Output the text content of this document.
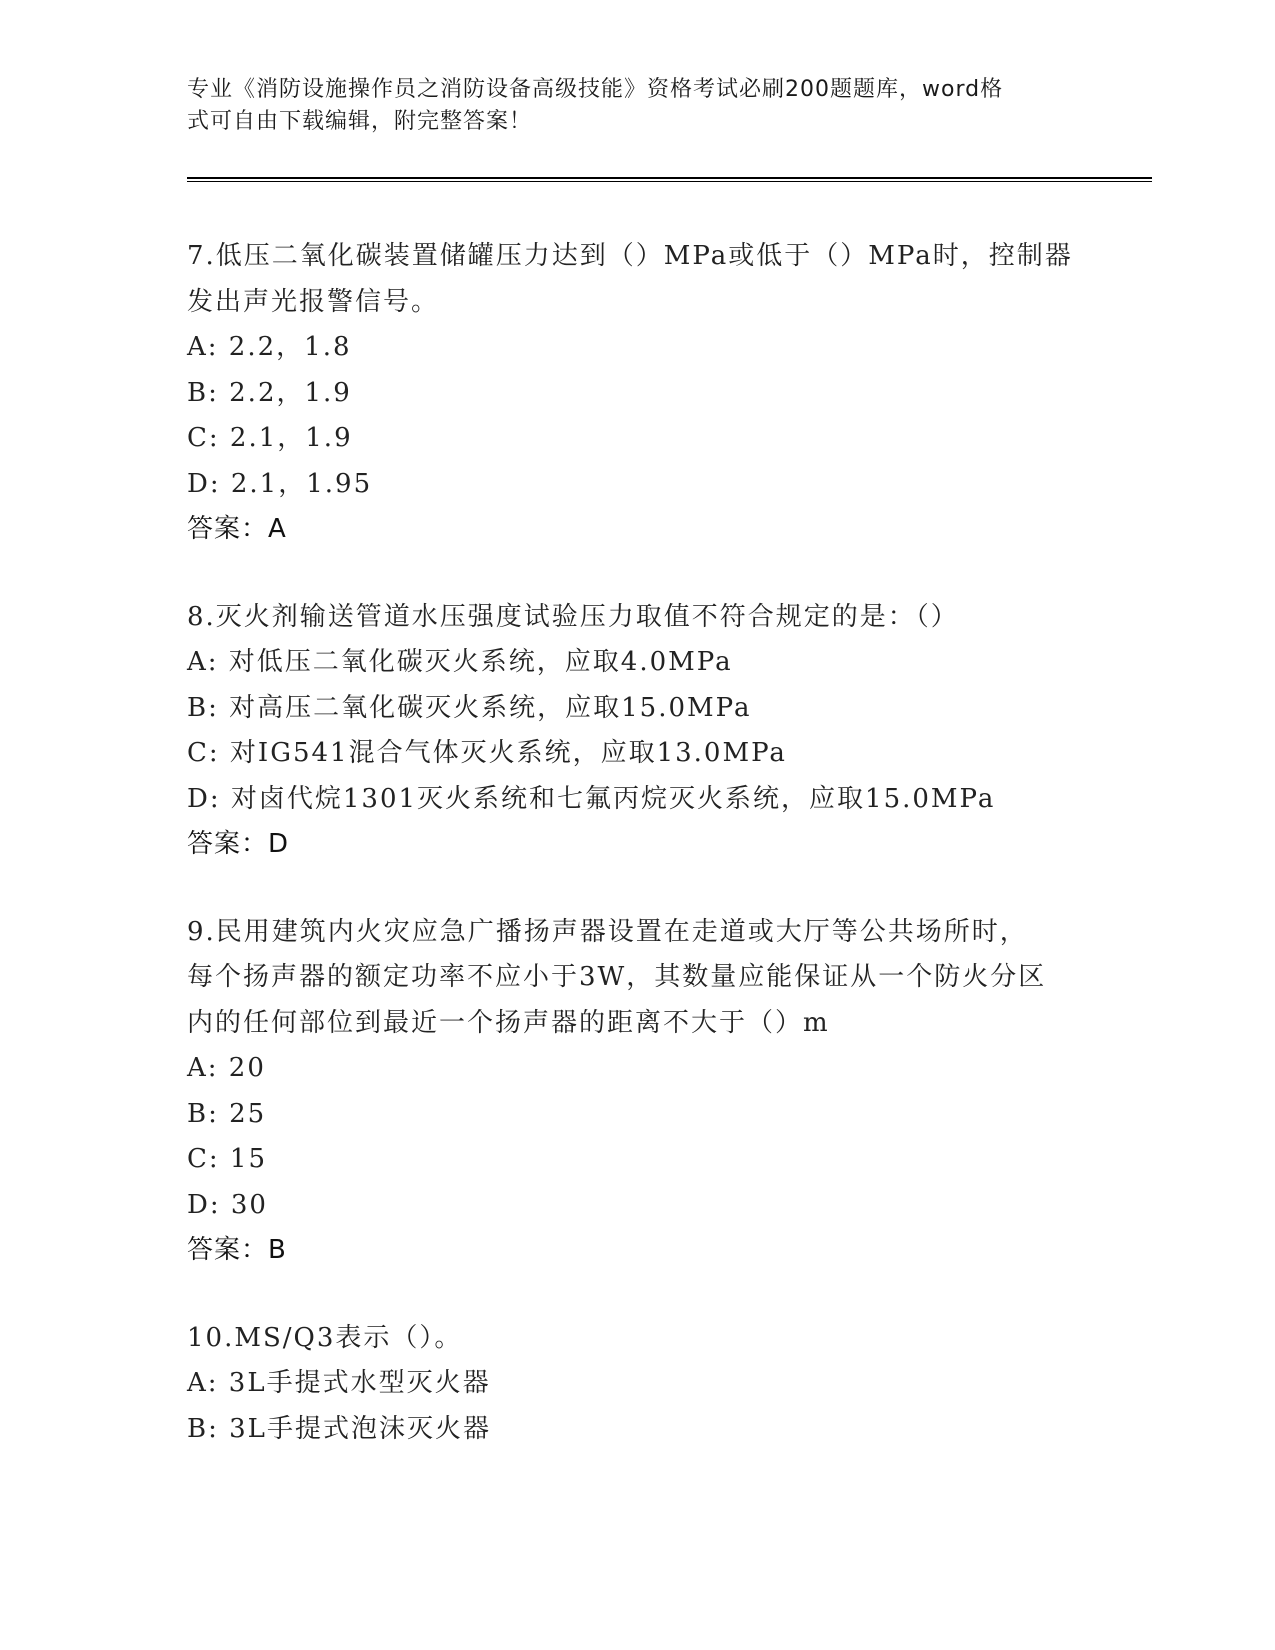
专业《消防设施操作员之消防设备高级技能》资格考试必刷200题题库，word格
式可自由下载编辑，附完整答案！
7.低压二氧化碳装置储罐压力达到（）MPa或低于（）MPa时，控制器
发出声光报警信号。
A: 2.2，1.8
B: 2.2，1.9
C: 2.1，1.9
D: 2.1，1.95
答案：A
8.灭火剂输送管道水压强度试验压力取值不符合规定的是：（）
A: 对低压二氧化碳灭火系统，应取4.0MPa
B: 对高压二氧化碳灭火系统，应取15.0MPa
C: 对IG541混合气体灭火系统，应取13.0MPa
D: 对卤代烷1301灭火系统和七氟丙烷灭火系统，应取15.0MPa
答案：D
9.民用建筑内火灾应急广播扬声器设置在走道或大厅等公共场所时，
每个扬声器的额定功率不应小于3W，其数量应能保证从一个防火分区
内的任何部位到最近一个扬声器的距离不大于（）m
A: 20
B: 25
C: 15
D: 30
答案：B
10.MS/Q3表示（）。
A: 3L手提式水型灭火器
B: 3L手提式泡沫灭火器
